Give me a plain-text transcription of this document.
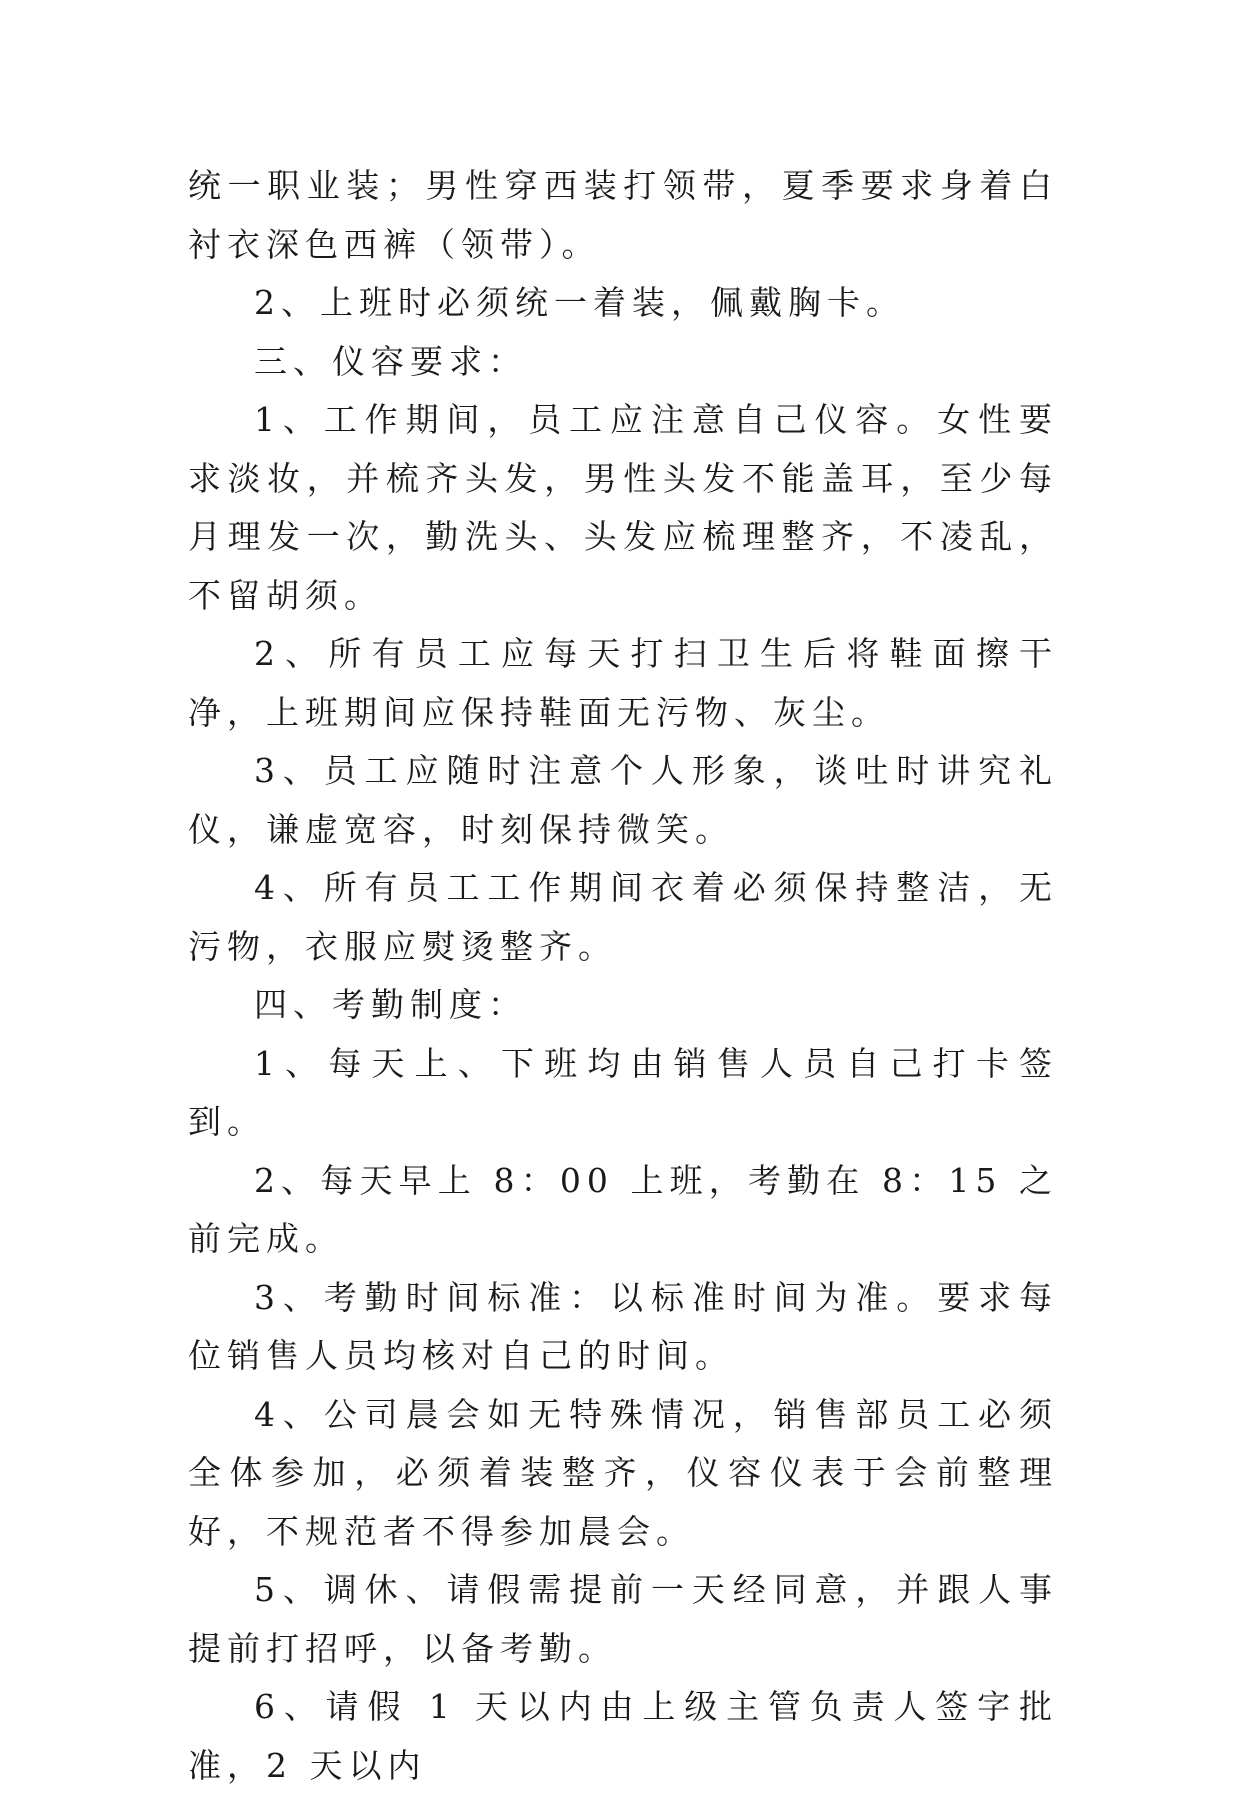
统一职业装；男性穿西装打领带，夏季要求身着白衬衣深色西裤（领带）。

2、上班时必须统一着装，佩戴胸卡。

三、仪容要求：

1、工作期间，员工应注意自己仪容。女性要求淡妆，并梳齐头发，男性头发不能盖耳，至少每月理发一次，勤洗头、头发应梳理整齐，不凌乱，不留胡须。

2、所有员工应每天打扫卫生后将鞋面擦干净，上班期间应保持鞋面无污物、灰尘。

3、员工应随时注意个人形象，谈吐时讲究礼仪，谦虚宽容，时刻保持微笑。

4、所有员工工作期间衣着必须保持整洁，无污物，衣服应熨烫整齐。

四、考勤制度：

1、每天上、下班均由销售人员自己打卡签到。

2、每天早上 8：00 上班，考勤在 8：15 之前完成。

3、考勤时间标准：以标准时间为准。要求每位销售人员均核对自己的时间。

4、公司晨会如无特殊情况，销售部员工必须全体参加，必须着装整齐，仪容仪表于会前整理好，不规范者不得参加晨会。

5、调休、请假需提前一天经同意，并跟人事提前打招呼，以备考勤。

6、请假 1 天以内由上级主管负责人签字批准，2 天以内
